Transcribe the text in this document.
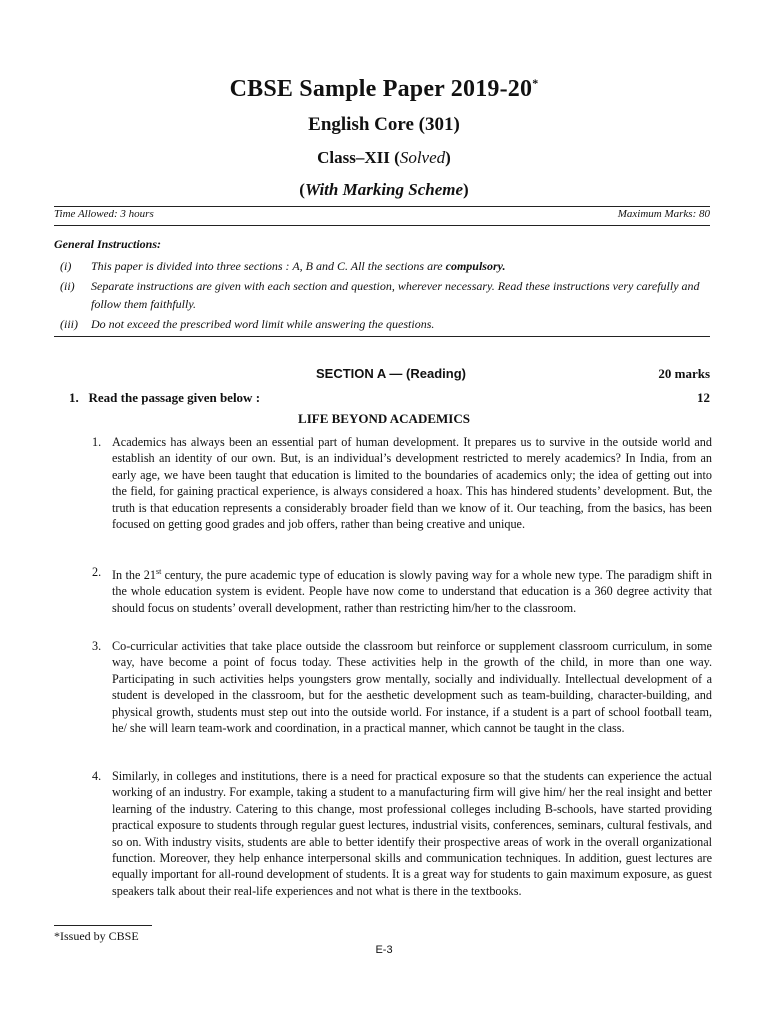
CBSE Sample Paper 2019-20*
English Core (301)
Class–XII (Solved)
(With Marking Scheme)
Time Allowed: 3 hours	Maximum Marks: 80
General Instructions:
(i)	This paper is divided into three sections : A, B and C. All the sections are compulsory.
(ii)	Separate instructions are given with each section and question, wherever necessary. Read these instructions very carefully and follow them faithfully.
(iii)	Do not exceed the prescribed word limit while answering the questions.
SECTION A — (Reading)	20 marks
1.   Read the passage given below :	12
LIFE BEYOND ACADEMICS
1. Academics has always been an essential part of human development. It prepares us to survive in the outside world and establish an identity of our own. But, is an individual’s development restricted to merely academics? In India, from an early age, we have been taught that education is limited to the boundaries of academics only; the idea of getting out into the field, for gaining practical experience, is always considered a hoax. This has hindered students’ development. But, the truth is that education represents a considerably broader field than we know of it. Our teaching, from the basics, has been focused on getting good grades and job offers, rather than being creative and unique.
2. In the 21st century, the pure academic type of education is slowly paving way for a whole new type. The paradigm shift in the whole education system is evident. People have now come to understand that education is a 360 degree activity that should focus on students’ overall development, rather than restricting him/her to the classroom.
3. Co-curricular activities that take place outside the classroom but reinforce or supplement classroom curriculum, in some way, have become a point of focus today. These activities help in the growth of the child, in more than one way. Participating in such activities helps youngsters grow mentally, socially and individually. Intellectual development of a student is developed in the classroom, but for the aesthetic development such as team-building, character-building, and physical growth, students must step out into the outside world. For instance, if a student is a part of school football team, he/ she will learn team-work and coordination, in a practical manner, which cannot be taught in the class.
4. Similarly, in colleges and institutions, there is a need for practical exposure so that the students can experience the actual working of an industry. For example, taking a student to a manufacturing firm will give him/ her the real insight and better learning of the industry. Catering to this change, most professional colleges including B-schools, have started providing practical exposure to students through regular guest lectures, industrial visits, conferences, seminars, cultural festivals, and so on. With industry visits, students are able to better identify their prospective areas of work in the overall organizational function. Moreover, they help enhance interpersonal skills and communication techniques. In addition, guest lectures are equally important for all-round development of students. It is a great way for students to gain maximum exposure, as guest speakers talk about their real-life experiences and not what is there in the textbooks.
*Issued by CBSE
E-3
